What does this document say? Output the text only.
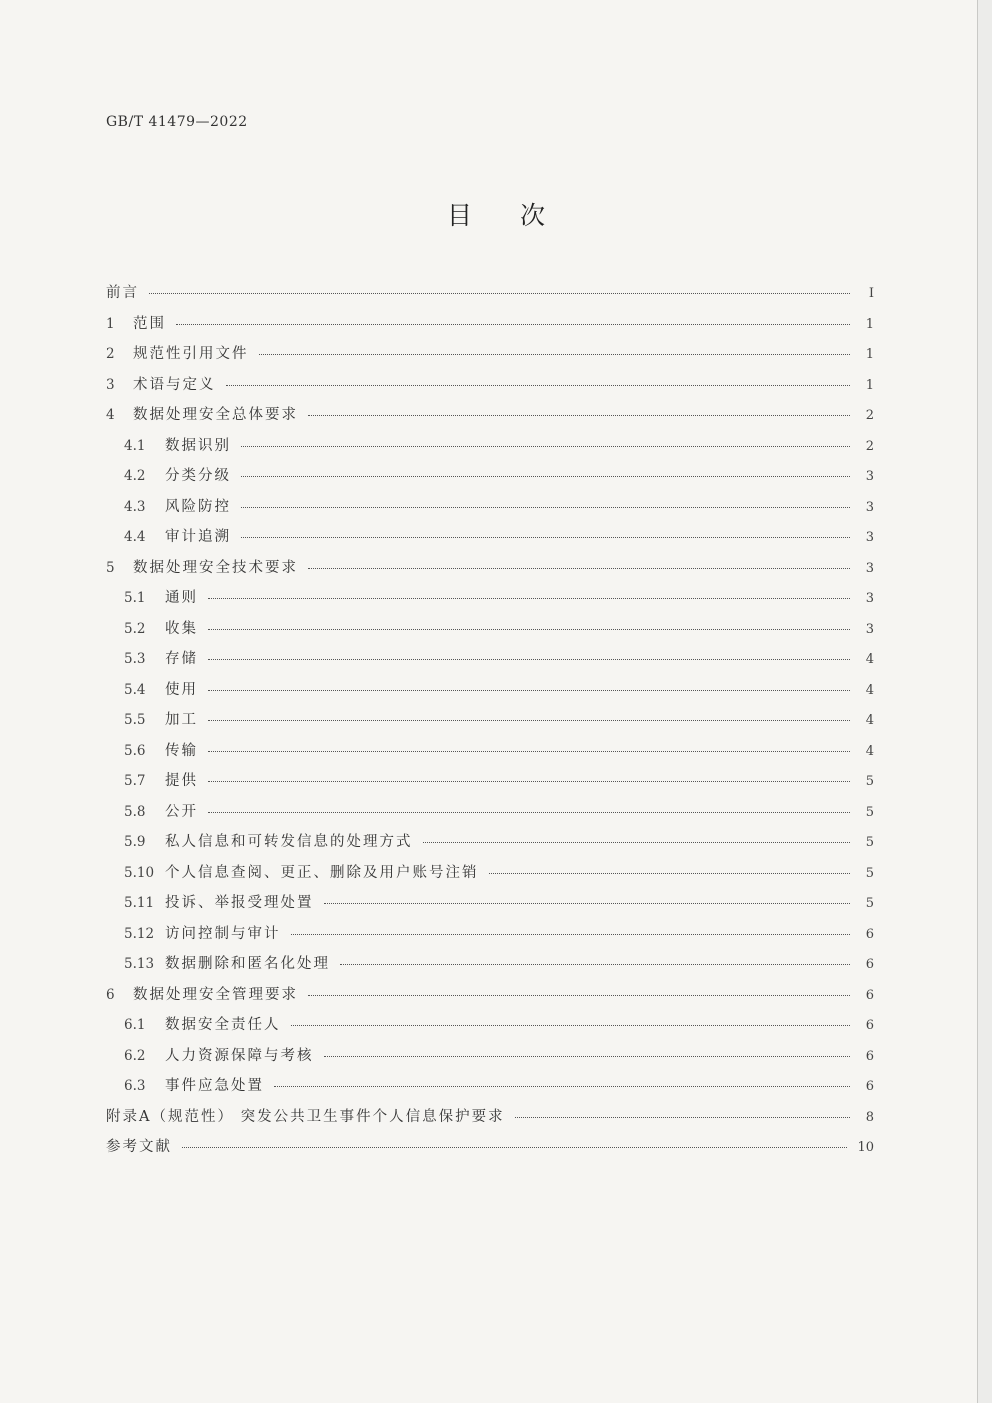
GB/T 41479—2022
目次
前言	I
1	范围	1
2	规范性引用文件	1
3	术语与定义	1
4	数据处理安全总体要求	2
4.1	数据识别	2
4.2	分类分级	3
4.3	风险防控	3
4.4	审计追溯	3
5	数据处理安全技术要求	3
5.1	通则	3
5.2	收集	3
5.3	存储	4
5.4	使用	4
5.5	加工	4
5.6	传输	4
5.7	提供	5
5.8	公开	5
5.9	私人信息和可转发信息的处理方式	5
5.10 个人信息查阅、更正、删除及用户账号注销	5
5.11 投诉、举报受理处置	5
5.12 访问控制与审计	6
5.13 数据删除和匿名化处理	6
6	数据处理安全管理要求	6
6.1	数据安全责任人	6
6.2	人力资源保障与考核	6
6.3	事件应急处置	6
附录A（规范性） 突发公共卫生事件个人信息保护要求	8
参考文献	10
